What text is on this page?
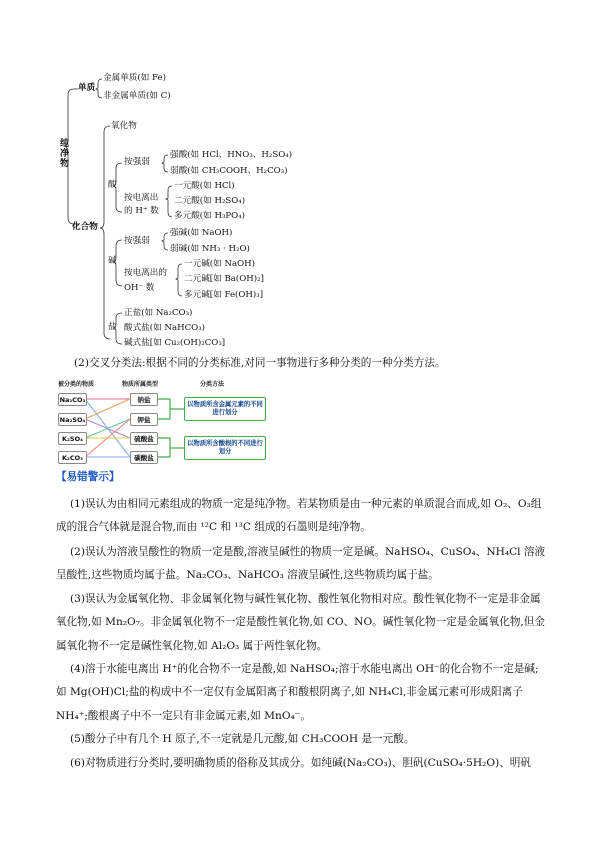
纯净物
单质
金属单质(如 Fe)
非金属单质(如 C)
化合物
氧化物
酸
按强弱
强酸(如 HCl、HNO₃、H₂SO₄)
弱酸(如 CH₃COOH、H₂CO₃)
按电离出
的 H⁺ 数
一元酸(如 HCl)
二元酸(如 H₂SO₄)
多元酸(如 H₃PO₄)
碱
按强弱
强碱(如 NaOH)
弱碱(如 NH₃ · H₂O)
按电离出的
OH⁻ 数
一元碱(如 NaOH)
二元碱[如 Ba(OH)₂]
多元碱[如 Fe(OH)₃]
盐
正盐(如 Na₂CO₃)
酸式盐(如 NaHCO₃)
碱式盐[如 Cu₂(OH)₂CO₃]
(2)交叉分类法:根据不同的分类标准,对同一事物进行多种分类的一种分类方法。
被分类的物质	物质所属类型	分类方法
Na₂CO₃
Na₂SO₄
K₂SO₄
K₂CO₃
钠盐
钾盐
硫酸盐
碳酸盐
以物质所含金属元素的不同进行划分
以物质所含酸根的不同进行划分
【易错警示】
(1)误认为由相同元素组成的物质一定是纯净物。若某物质是由一种元素的单质混合而成,如 O₂、O₃组成的混合气体就是混合物,而由 ¹²C 和 ¹³C 组成的石墨则是纯净物。
(2)误认为溶液呈酸性的物质一定是酸,溶液呈碱性的物质一定是碱。NaHSO₄、CuSO₄、NH₄Cl 溶液呈酸性,这些物质均属于盐。Na₂CO₃、NaHCO₃ 溶液呈碱性,这些物质均属于盐。
(3)误认为金属氧化物、非金属氧化物与碱性氧化物、酸性氧化物相对应。酸性氧化物不一定是非金属氧化物,如 Mn₂O₇。非金属氧化物不一定是酸性氧化物,如 CO、NO。碱性氧化物一定是金属氧化物,但金属氧化物不一定是碱性氧化物,如 Al₂O₃ 属于两性氧化物。
(4)溶于水能电离出 H⁺的化合物不一定是酸,如 NaHSO₄;溶于水能电离出 OH⁻的化合物不一定是碱;如 Mg(OH)Cl;盐的构成中不一定仅有金属阳离子和酸根阴离子,如 NH₄Cl,非金属元素可形成阳离子 NH₄⁺;酸根离子中不一定只有非金属元素,如 MnO₄⁻。
(5)酸分子中有几个 H 原子,不一定就是几元酸,如 CH₃COOH 是一元酸。
(6)对物质进行分类时,要明确物质的俗称及其成分。如纯碱(Na₂CO₃)、胆矾(CuSO₄·5H₂O)、明矾
